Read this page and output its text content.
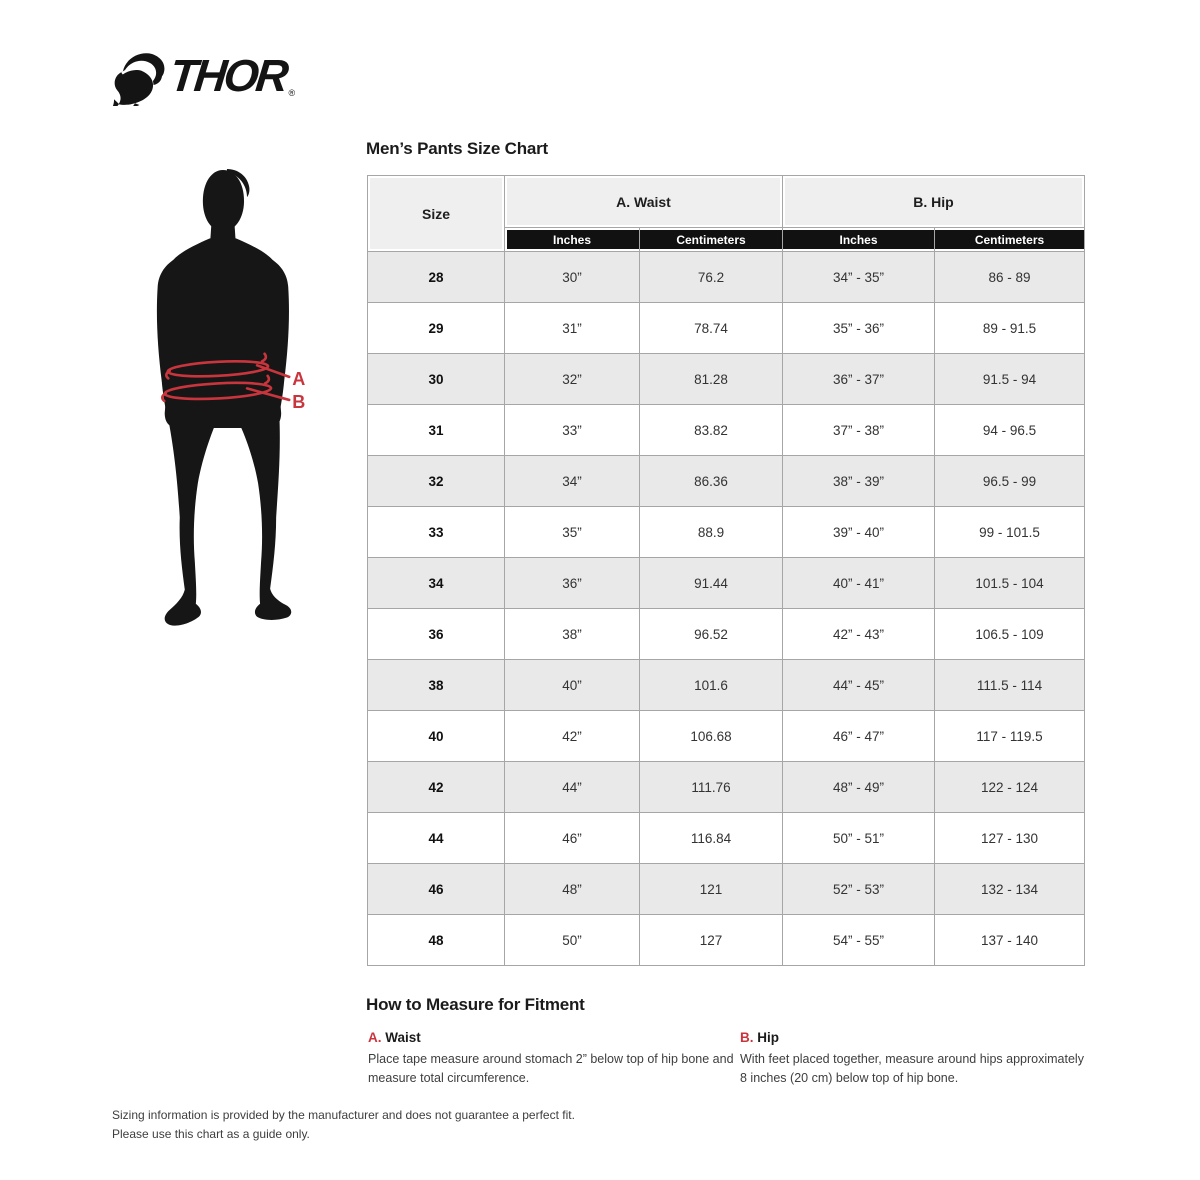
THOR ®
A
B
Men’s Pants Size Chart
Size	A. Waist		B. Hip	

	Inches	Centimeters	Inches	Centimeters
28	30”	76.2	34” - 35”	86 - 89
29	31”	78.74	35” - 36”	89 - 91.5
30	32”	81.28	36” - 37”	91.5 - 94
31	33”	83.82	37” - 38”	94 - 96.5
32	34”	86.36	38” - 39”	96.5 - 99
33	35”	88.9	39” - 40”	99 - 101.5
34	36”	91.44	40” - 41”	101.5 - 104
36	38”	96.52	42” - 43”	106.5 - 109
38	40”	101.6	44” - 45”	111.5 - 114
40	42”	106.68	46” - 47”	117 - 119.5
42	44”	111.76	48” - 49”	122 - 124
44	46”	116.84	50” - 51”	127 - 130
46	48”	121	52” - 53”	132 - 134
48	50”	127	54” - 55”	137 - 140
How to Measure for Fitment
A. Waist

Place tape measure around stomach 2” below top of hip bone and measure total circumference.

B. Hip

With feet placed together, measure around hips approximately 8 inches (20 cm) below top of hip bone.

Sizing information is provided by the manufacturer and does not guarantee a perfect fit.
Please use this chart as a guide only.
